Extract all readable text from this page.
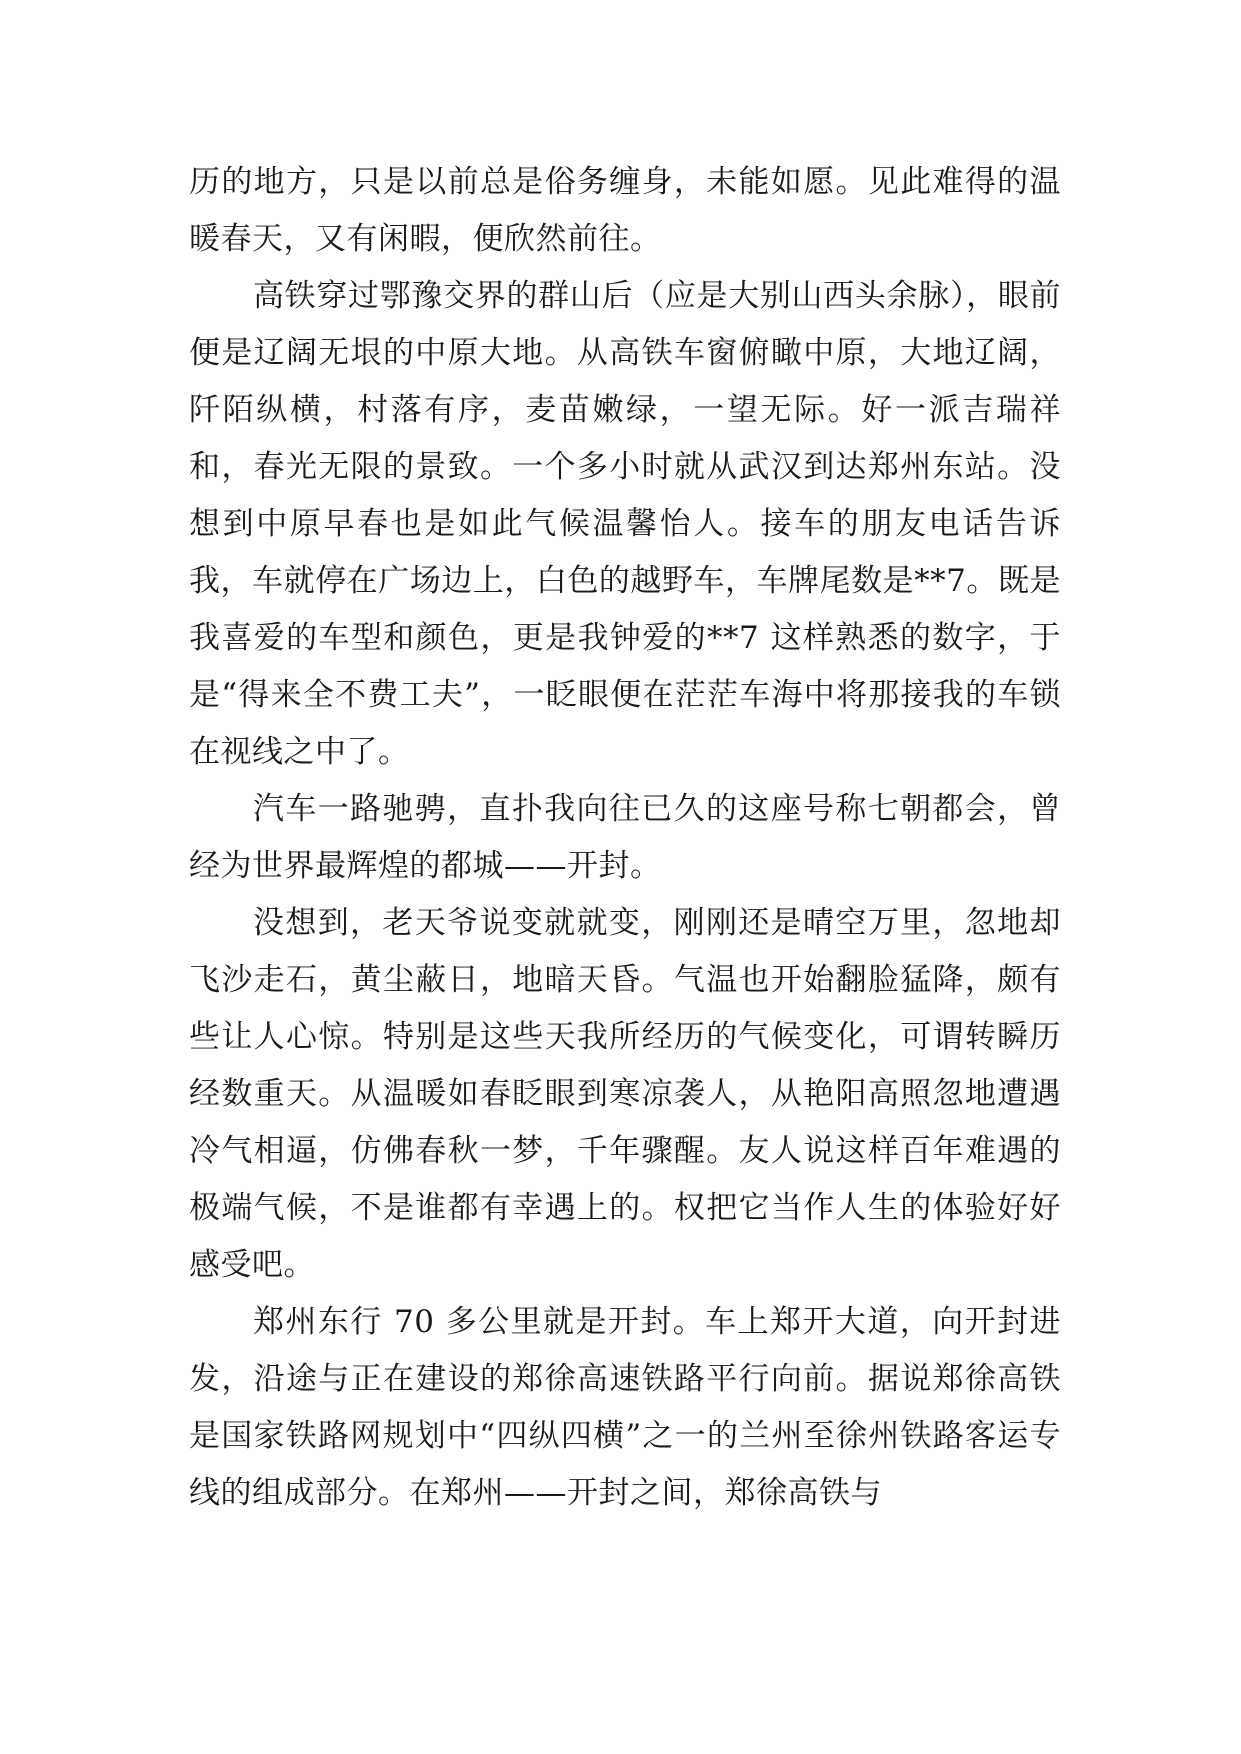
历的地方，只是以前总是俗务缠身，未能如愿。见此难得的温暖春天，又有闲暇，便欣然前往。

高铁穿过鄂豫交界的群山后（应是大别山西头余脉），眼前便是辽阔无垠的中原大地。从高铁车窗俯瞰中原，大地辽阔，阡陌纵横，村落有序，麦苗嫩绿，一望无际。好一派吉瑞祥和，春光无限的景致。一个多小时就从武汉到达郑州东站。没想到中原早春也是如此气候温馨怡人。接车的朋友电话告诉我，车就停在广场边上，白色的越野车，车牌尾数是**7。既是我喜爱的车型和颜色，更是我钟爱的**7 这样熟悉的数字，于是“得来全不费工夫”，一眨眼便在茫茫车海中将那接我的车锁在视线之中了。

汽车一路驰骋，直扑我向往已久的这座号称七朝都会，曾经为世界最辉煌的都城——开封。

没想到，老天爷说变就就变，刚刚还是晴空万里，忽地却飞沙走石，黄尘蔽日，地暗天昏。气温也开始翻脸猛降，颇有些让人心惊。特别是这些天我所经历的气候变化，可谓转瞬历经数重天。从温暖如春眨眼到寒凉袭人，从艳阳高照忽地遭遇冷气相逼，仿佛春秋一梦，千年骤醒。友人说这样百年难遇的极端气候，不是谁都有幸遇上的。权把它当作人生的体验好好感受吧。

郑州东行 70 多公里就是开封。车上郑开大道，向开封进发，沿途与正在建设的郑徐高速铁路平行向前。据说郑徐高铁是国家铁路网规划中“四纵四横”之一的兰州至徐州铁路客运专线的组成部分。在郑州——开封之间，郑徐高铁与
